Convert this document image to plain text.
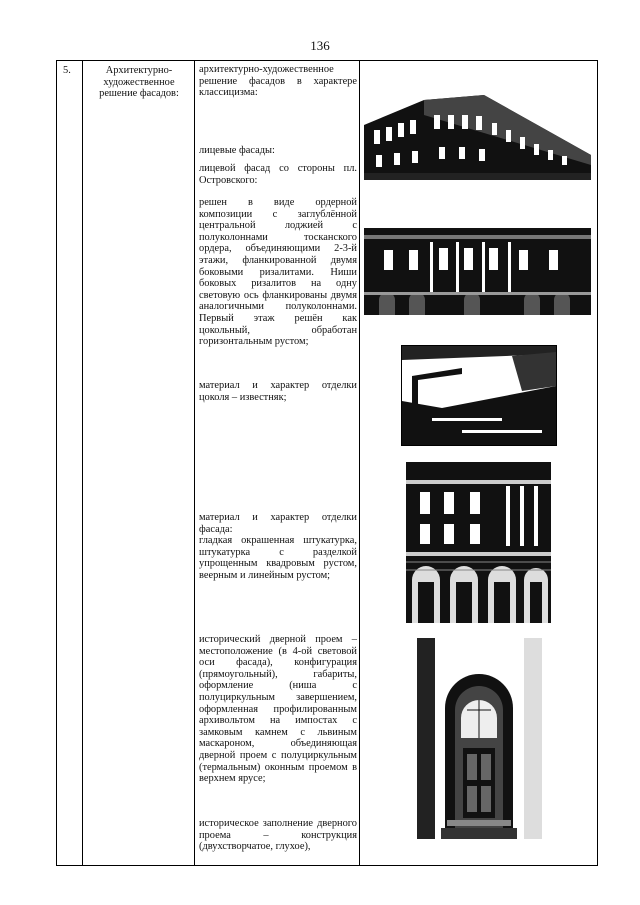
136
5.	Архитектурно-художественное решение фасадов:

архитектурно-художественное решение фасадов в характере классицизма:

лицевые фасады:

лицевой фасад со стороны пл. Островского:

решен в виде ордерной композиции с заглублённой центральной лоджией с полуколоннами тосканского ордера, объединяющими 2-3-й этажи, фланкированной двумя боковыми ризалитами. Ниши боковых ризалитов на одну световую ось фланкированы двумя аналогичными полуколоннами. Первый этаж решён как цокольный, обработан горизонтальным рустом;

материал и характер отделки цоколя – известняк;

материал и характер отделки фасада:

гладкая окрашенная штукатурка, штукатурка с разделкой упрощенным квадровым рустом, веерным и линейным рустом;

исторический дверной проем – местоположение (в 4-ой световой оси фасада), конфигурация (прямоугольный), габариты, оформление (ниша с полуциркульным завершением, оформленная профилированным архивольтом на импостах с замковым камнем с львиным маскароном, объединяющая дверной проем с полуциркульным (термальным) оконным проемом в верхнем ярусе;

историческое заполнение дверного проема – конструкция (двухстворчатое, глухое),
